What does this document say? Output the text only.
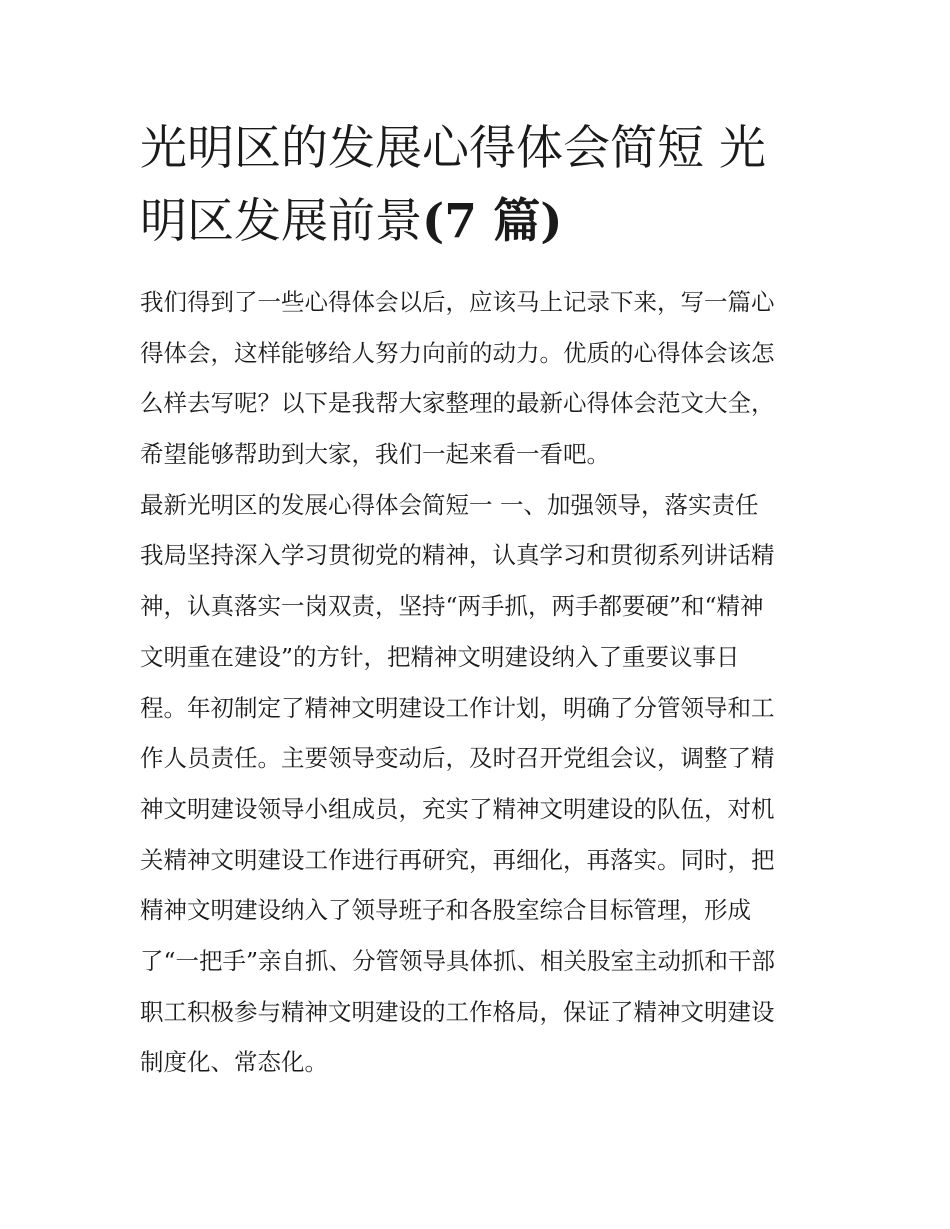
光明区的发展心得体会简短 光
明区发展前景(7 篇)
我们得到了一些心得体会以后，应该马上记录下来，写一篇心
得体会，这样能够给人努力向前的动力。优质的心得体会该怎
么样去写呢？以下是我帮大家整理的最新心得体会范文大全，
希望能够帮助到大家，我们一起来看一看吧。
最新光明区的发展心得体会简短一 一、加强领导，落实责任
我局坚持深入学习贯彻党的精神，认真学习和贯彻系列讲话精
神，认真落实一岗双责，坚持“两手抓，两手都要硬”和“精神
文明重在建设”的方针，把精神文明建设纳入了重要议事日
程。年初制定了精神文明建设工作计划，明确了分管领导和工
作人员责任。主要领导变动后，及时召开党组会议，调整了精
神文明建设领导小组成员，充实了精神文明建设的队伍，对机
关精神文明建设工作进行再研究，再细化，再落实。同时，把
精神文明建设纳入了领导班子和各股室综合目标管理，形成
了“一把手”亲自抓、分管领导具体抓、相关股室主动抓和干部
职工积极参与精神文明建设的工作格局，保证了精神文明建设
制度化、常态化。
